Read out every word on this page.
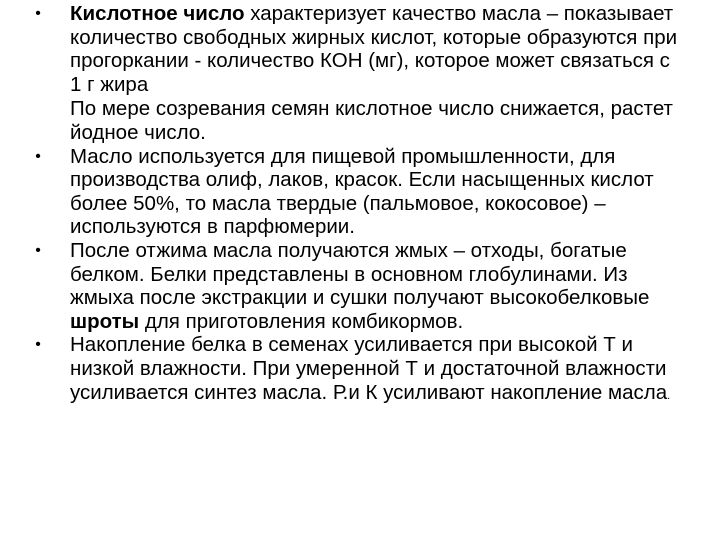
•	Кислотное число характеризует качество масла – показывает количество свободных жирных кислот, которые образуются при прогоркании - количество КОН (мг), которое может связаться с 1 г жира
По мере созревания семян кислотное число снижается, растет йодное число.
•	Масло используется для пищевой промышленности, для производства олиф, лаков, красок. Если насыщенных кислот более 50%, то масла твердые (пальмовое, кокосовое) – используются в парфюмерии.
•	После отжима масла получаются жмых – отходы, богатые белком. Белки представлены в основном глобулинами. Из жмыха после экстракции и сушки получают высокобелковые шроты для приготовления комбикормов.
•	Накопление белка в семенах усиливается при высокой Т и низкой влажности. При умеренной Т и достаточной влажности усиливается синтез масла. Р.и К усиливают накопление масла.
